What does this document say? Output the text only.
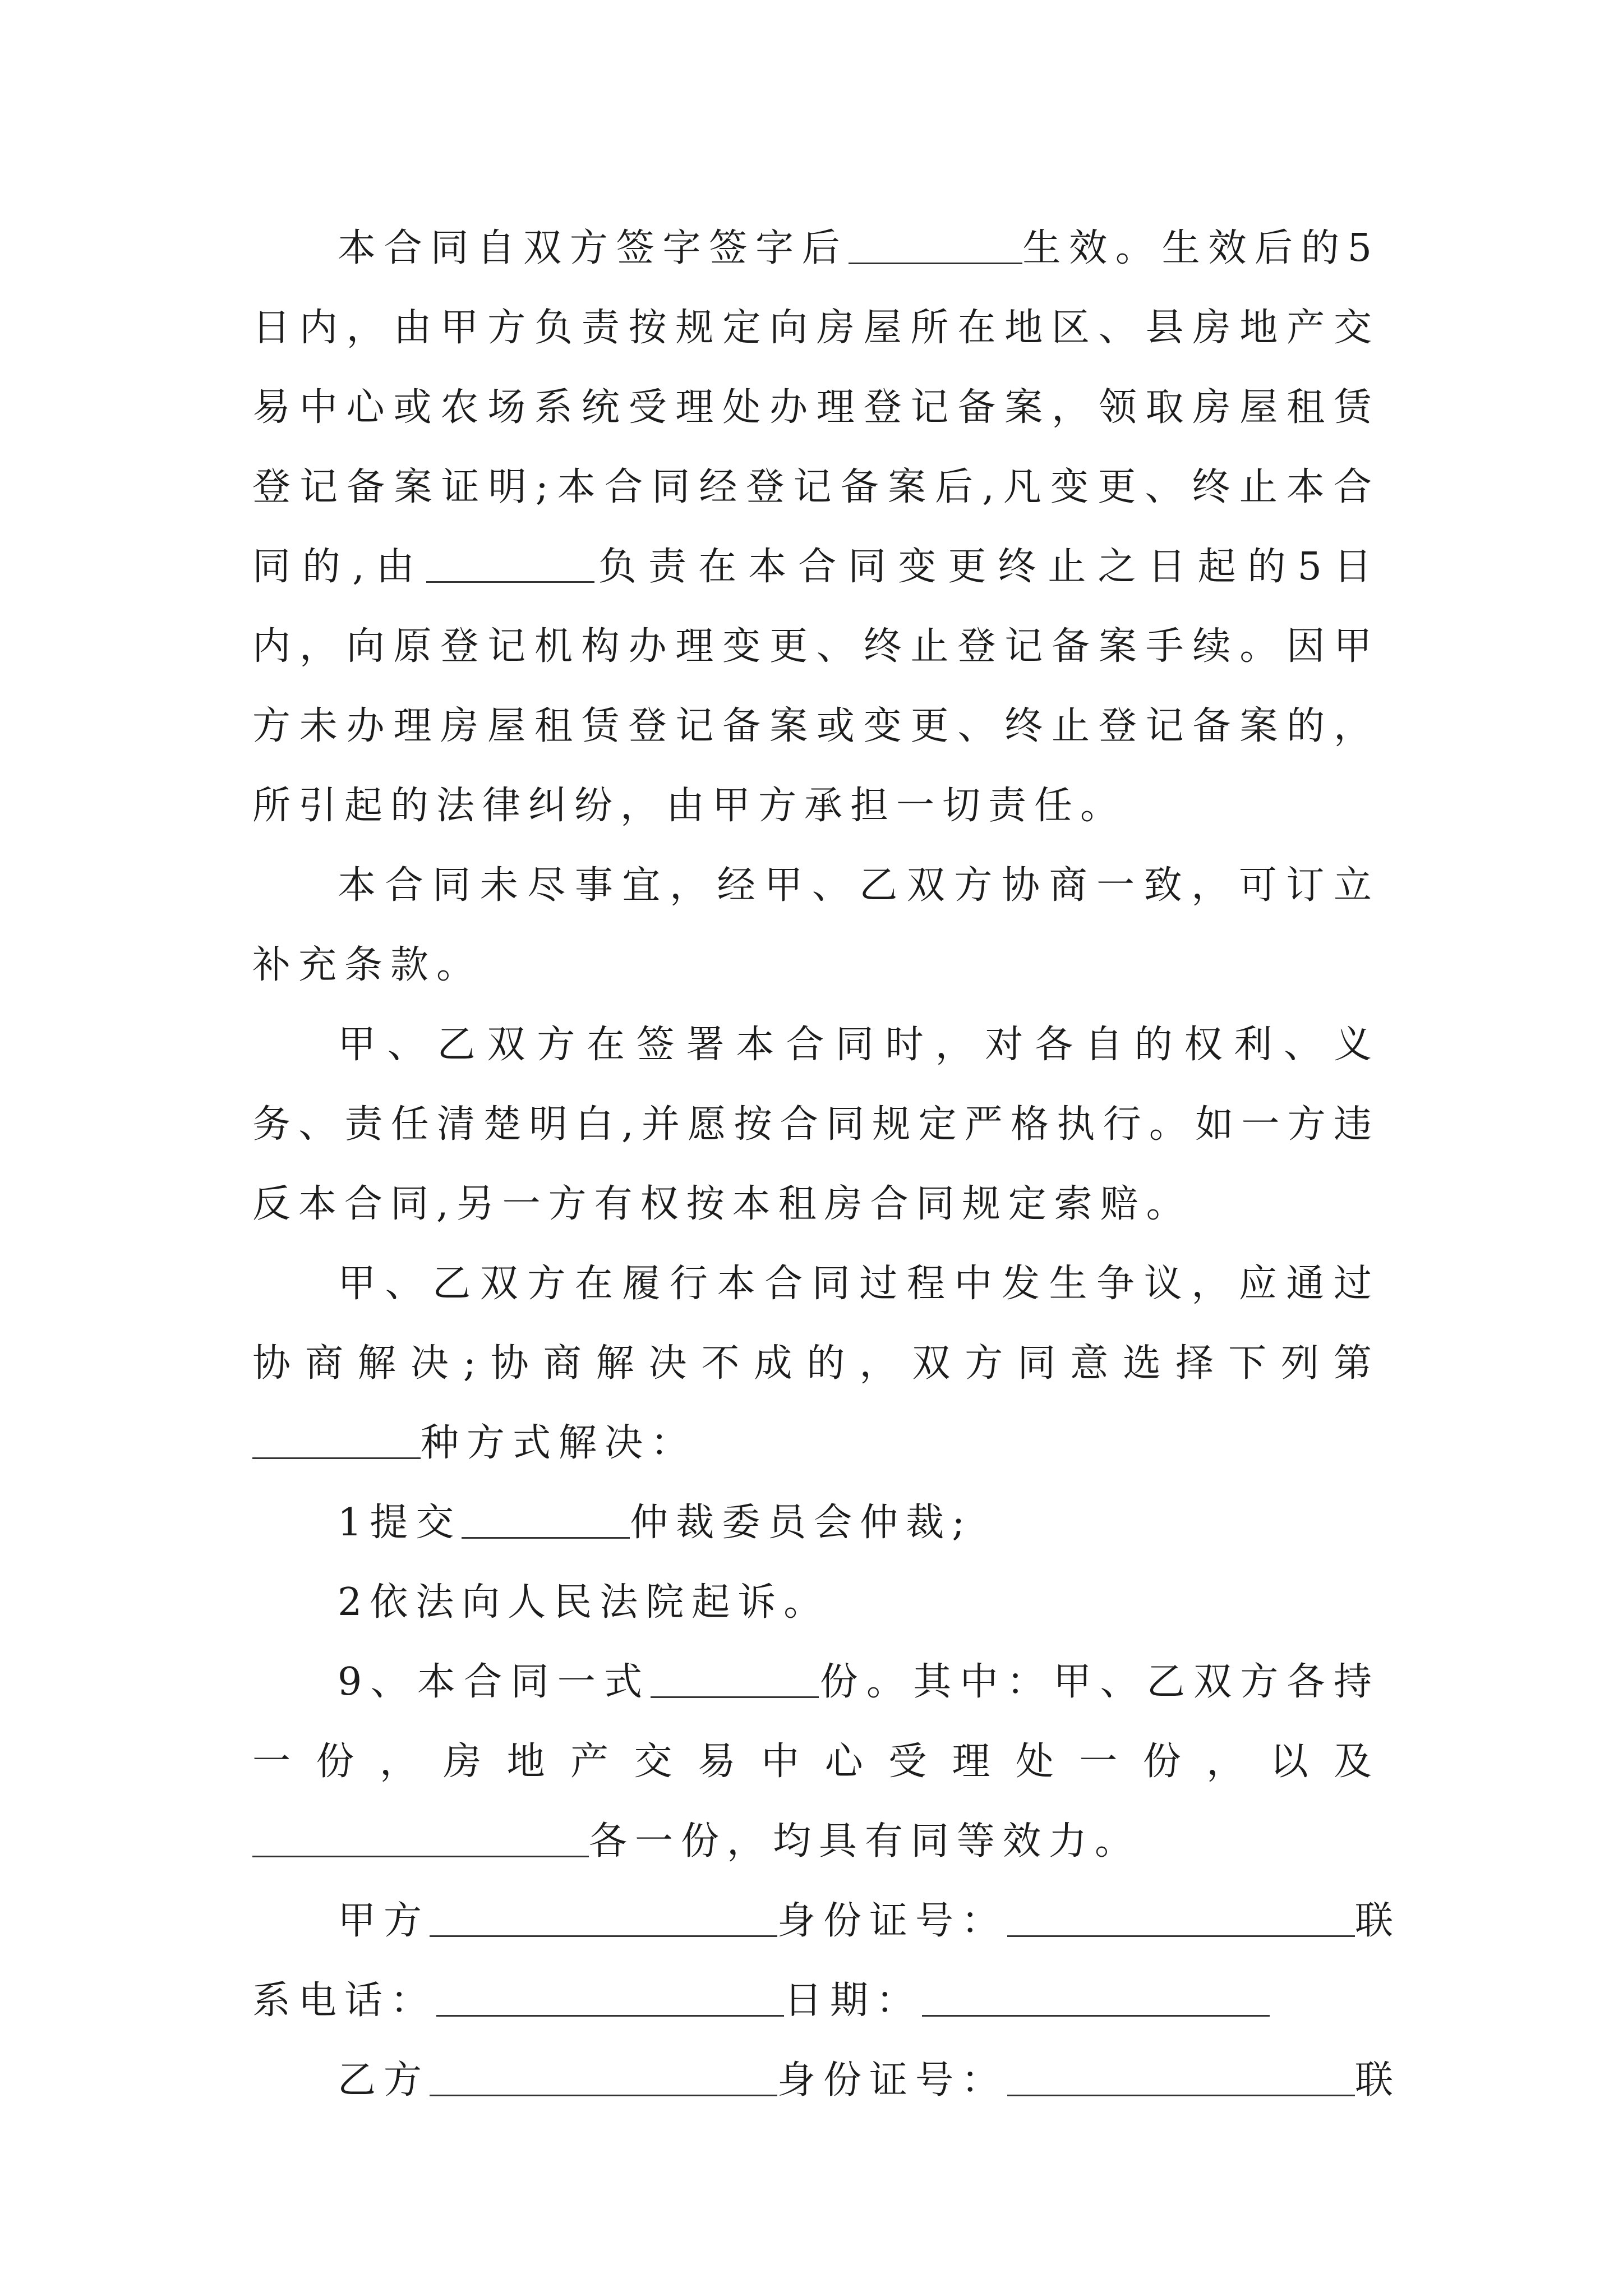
本合同自双方签字签字后	生效。生效后的5日内，由甲方负责按规定向房屋所在地区、县房地产交易中心或农场系统受理处办理登记备案，领取房屋租赁登记备案证明;本合同经登记备案后,凡变更、终止本合同的,由	负责在本合同变更终止之日起的5日内，向原登记机构办理变更、终止登记备案手续。因甲方未办理房屋租赁登记备案或变更、终止登记备案的，所引起的法律纠纷，由甲方承担一切责任。

本合同未尽事宜，经甲、乙双方协商一致，可订立补充条款。

甲、乙双方在签署本合同时，对各自的权利、义务、责任清楚明白,并愿按合同规定严格执行。如一方违反本合同,另一方有权按本租房合同规定索赔。

甲、乙双方在履行本合同过程中发生争议，应通过协商解决;协商解决不成的，双方同意选择下列第种方式解决：

1提交	仲裁委员会仲裁;

2依法向人民法院起诉。

9、本合同一式	份。其中：甲、乙双方各持一份，房地产交易中心受理处一份，以及各一份，均具有同等效力。

甲方	身份证号：	联
系电话：	日期：
乙方	身份证号：	联
